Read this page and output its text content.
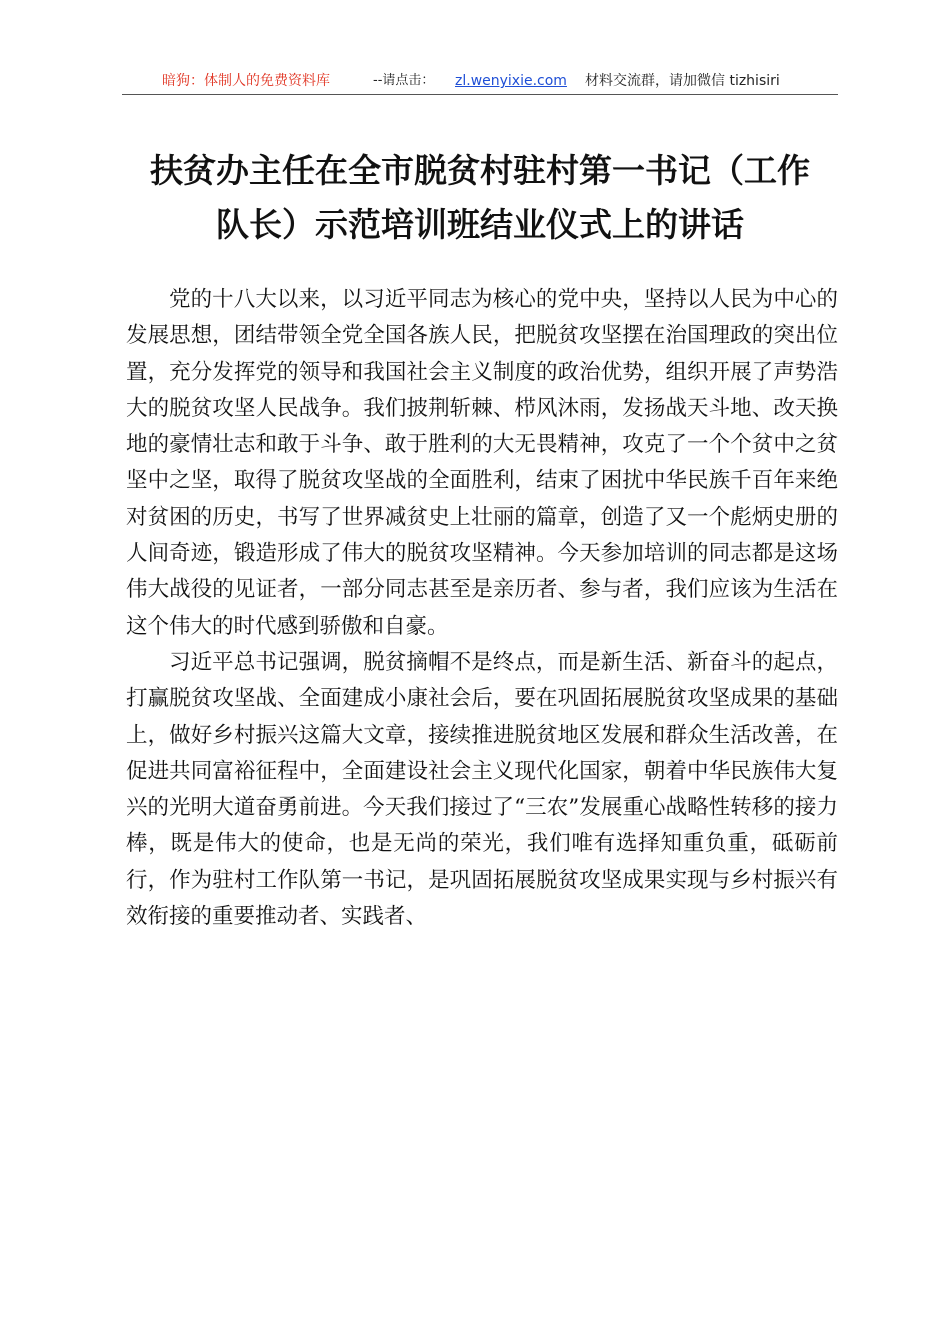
暗狗：体制人的免费资料库	--请点击： zl.wenyixie.com 材料交流群，请加微信 tizhisiri
扶贫办主任在全市脱贫村驻村第一书记（工作
队长）示范培训班结业仪式上的讲话

党的十八大以来，以习近平同志为核心的党中央，坚持以人民为中心的发展思想，团结带领全党全国各族人民，把脱贫攻坚摆在治国理政的突出位置，充分发挥党的领导和我国社会主义制度的政治优势，组织开展了声势浩大的脱贫攻坚人民战争。我们披荆斩棘、栉风沐雨，发扬战天斗地、改天换地的豪情壮志和敢于斗争、敢于胜利的大无畏精神，攻克了一个个贫中之贫坚中之坚，取得了脱贫攻坚战的全面胜利，结束了困扰中华民族千百年来绝对贫困的历史，书写了世界减贫史上壮丽的篇章，创造了又一个彪炳史册的人间奇迹，锻造形成了伟大的脱贫攻坚精神。今天参加培训的同志都是这场伟大战役的见证者，一部分同志甚至是亲历者、参与者，我们应该为生活在这个伟大的时代感到骄傲和自豪。

习近平总书记强调，脱贫摘帽不是终点，而是新生活、新奋斗的起点，打赢脱贫攻坚战、全面建成小康社会后，要在巩固拓展脱贫攻坚成果的基础上，做好乡村振兴这篇大文章，接续推进脱贫地区发展和群众生活改善，在促进共同富裕征程中，全面建设社会主义现代化国家，朝着中华民族伟大复兴的光明大道奋勇前进。今天我们接过了“三农”发展重心战略性转移的接力棒，既是伟大的使命，也是无尚的荣光，我们唯有选择知重负重，砥砺前行，作为驻村工作队第一书记，是巩固拓展脱贫攻坚成果实现与乡村振兴有效衔接的重要推动者、实践者、
